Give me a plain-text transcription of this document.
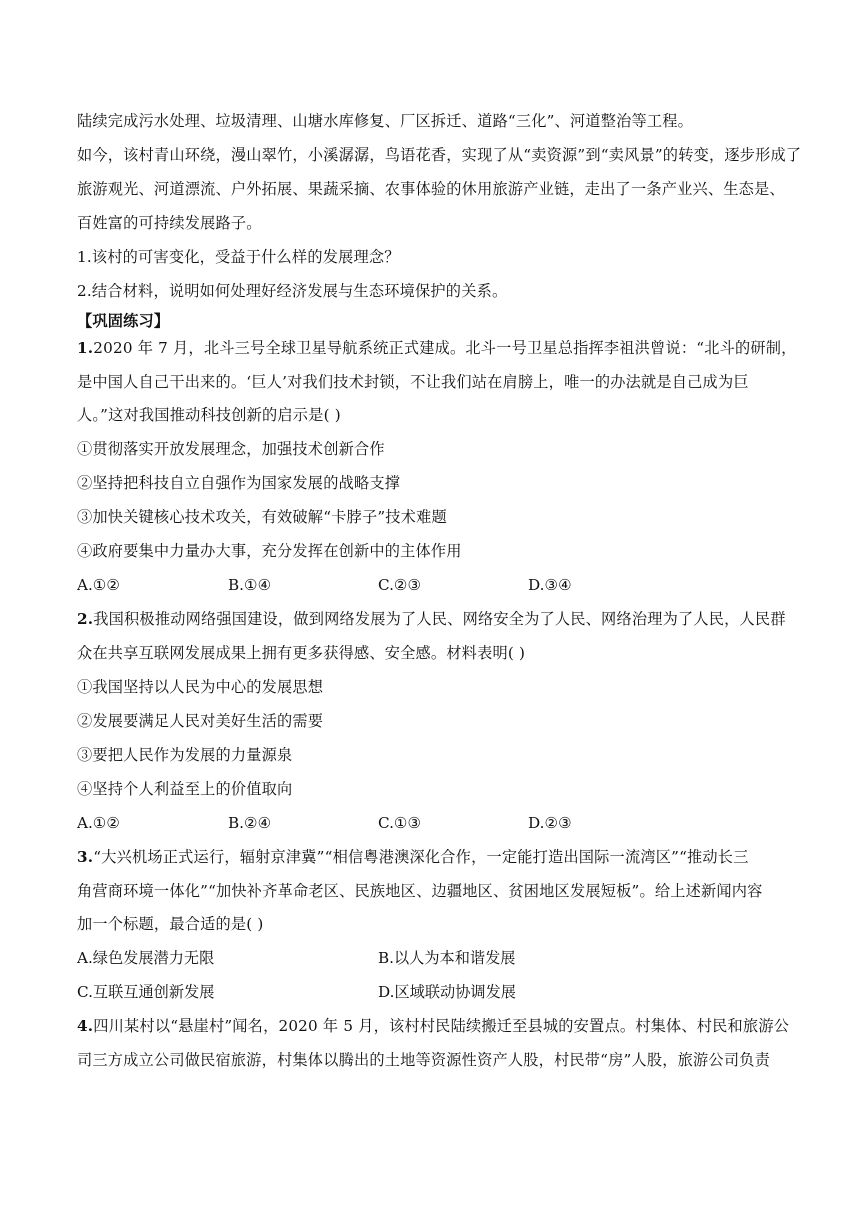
陆续完成污水处理、垃圾清理、山塘水库修复、厂区拆迁、道路“三化”、河道整治等工程。
如今，该村青山环绕，漫山翠竹，小溪潺潺，鸟语花香，实现了从“卖资源”到“卖风景”的转变，逐步形成了
旅游观光、河道漂流、户外拓展、果蔬采摘、农事体验的休用旅游产业链，走出了一条产业兴、生态是、
百姓富的可持续发展路子。
1.该村的可害变化，受益于什么样的发展理念？
2.结合材料，说明如何处理好经济发展与生态环境保护的关系。
【巩固练习】
1.2020 年 7 月，北斗三号全球卫星导航系统正式建成。北斗一号卫星总指挥李祖洪曾说：“北斗的研制，
是中国人自己干出来的。‘巨人’对我们技术封锁，不让我们站在肩膀上，唯一的办法就是自己成为巨
人。”这对我国推动科技创新的启示是( )
①贯彻落实开放发展理念，加强技术创新合作
②坚持把科技自立自强作为国家发展的战略支撑
③加快关键核心技术攻关，有效破解“卡脖子”技术难题
④政府要集中力量办大事，充分发挥在创新中的主体作用
A.①②	B.①④	C.②③	D.③④
2.我国积极推动网络强国建设，做到网络发展为了人民、网络安全为了人民、网络治理为了人民，人民群
众在共享互联网发展成果上拥有更多获得感、安全感。材料表明( )
①我国坚持以人民为中心的发展思想
②发展要满足人民对美好生活的需要
③要把人民作为发展的力量源泉
④坚持个人利益至上的价值取向
A.①②	B.②④	C.①③	D.②③
3.“大兴机场正式运行，辐射京津冀”“相信粤港澳深化合作，一定能打造出国际一流湾区”“推动长三
角营商环境一体化”“加快补齐革命老区、民族地区、边疆地区、贫困地区发展短板”。给上述新闻内容
加一个标题，最合适的是( )
A.绿色发展潜力无限	B.以人为本和谐发展
C.互联互通创新发展	D.区域联动协调发展
4.四川某村以“悬崖村”闻名，2020 年 5 月，该村村民陆续搬迁至县城的安置点。村集体、村民和旅游公
司三方成立公司做民宿旅游，村集体以腾出的土地等资源性资产人股，村民带“房”人股，旅游公司负责
